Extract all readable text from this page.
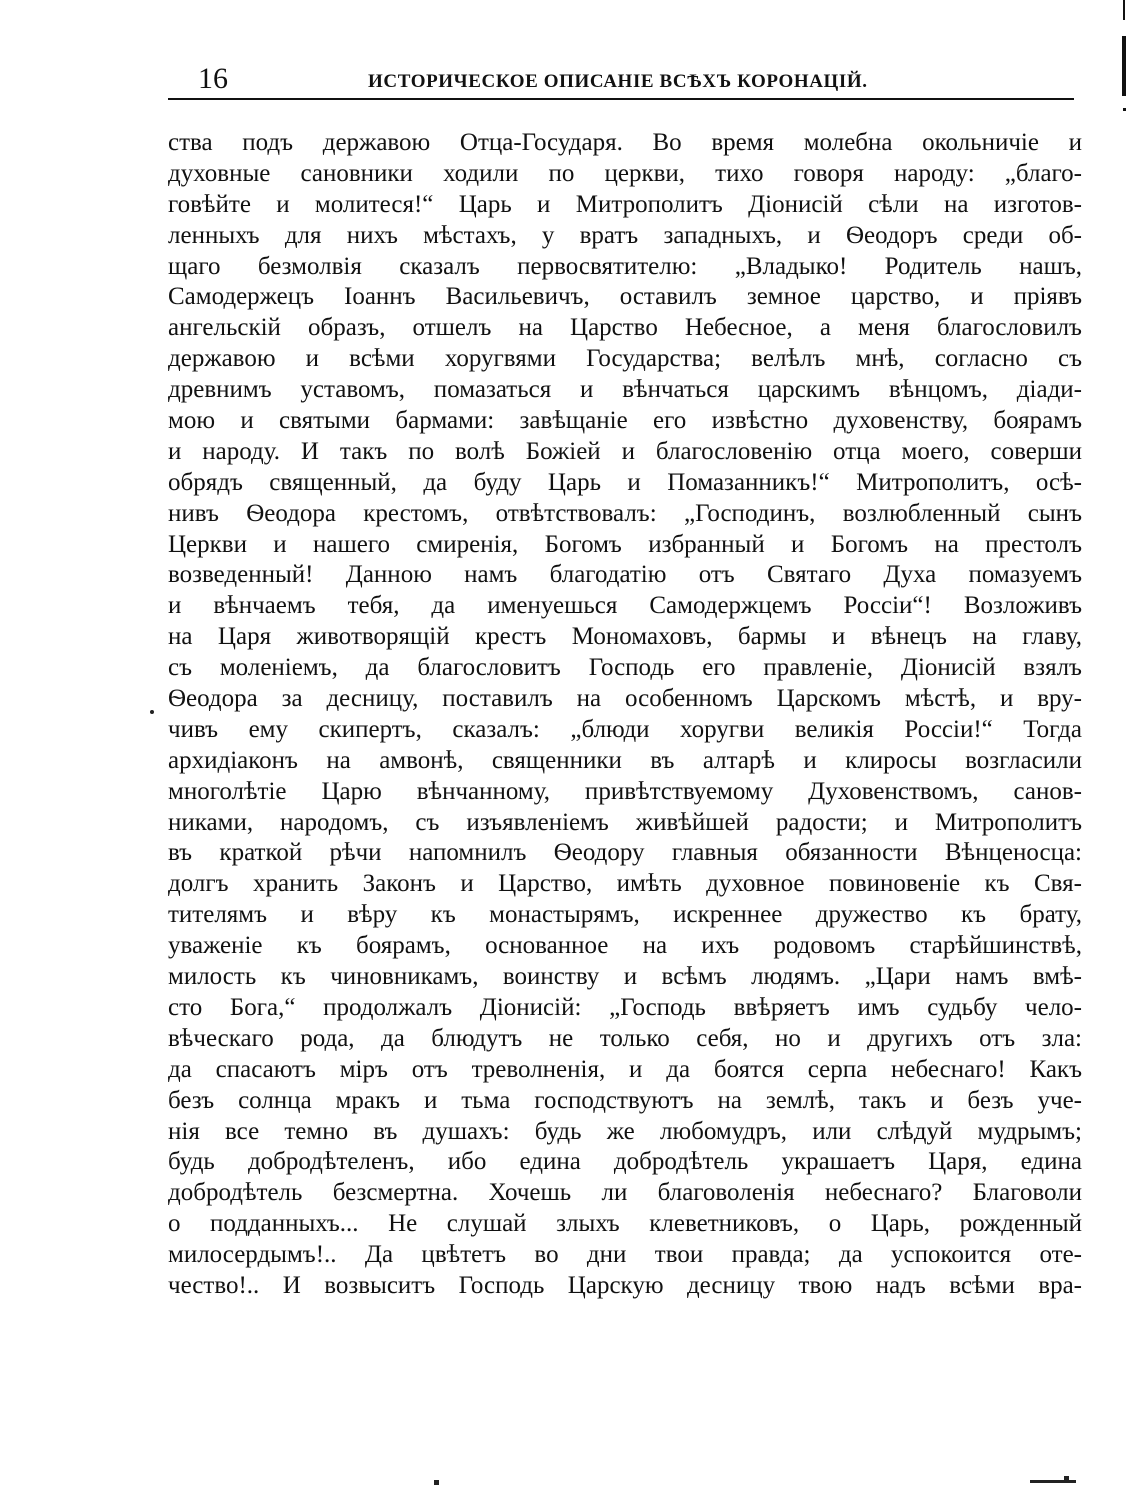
16	ИСТОРИЧЕСКОЕ ОПИСАНІЕ ВСѢХЪ КОРОНАЦІЙ.
ства подъ державою Отца-Государя. Во время молебна окольничіе и
духовные сановники ходили по церкви, тихо говоря народу: „благо-
говѣйте и молитеся!“ Царь и Митрополитъ Діонисій сѣли на изготов-
ленныхъ для нихъ мѣстахъ, у вратъ западныхъ, и Ѳеодоръ среди об-
щаго безмолвія сказалъ первосвятителю: „Владыко! Родитель нашъ,
Самодержецъ Іоаннъ Васильевичъ, оставилъ земное царство, и пріявъ
ангельскій образъ, отшелъ на Царство Небесное, а меня благословилъ
державою и всѣми хоругвями Государства; велѣлъ мнѣ, согласно съ
древнимъ уставомъ, помазаться и вѣнчаться царскимъ вѣнцомъ, діади-
мою и святыми бармами: завѣщаніе его извѣстно духовенству, боярамъ
и народу. И такъ по волѣ Божіей и благословенію отца моего, соверши
обрядъ священный, да буду Царь и Помазанникъ!“ Митрополитъ, осѣ-
нивъ Ѳеодора крестомъ, отвѣтствовалъ: „Господинъ, возлюбленный сынъ
Церкви и нашего смиренія, Богомъ избранный и Богомъ на престолъ
возведенный! Данною намъ благодатію отъ Святаго Духа помазуемъ
и вѣнчаемъ тебя, да именуешься Самодержцемъ Россіи“! Возложивъ
на Царя животворящій крестъ Мономаховъ, бармы и вѣнецъ на главу,
съ моленіемъ, да благословитъ Господь его правленіе, Діонисій взялъ
Ѳеодора за десницу, поставилъ на особенномъ Царскомъ мѣстѣ, и вру-
чивъ ему скипертъ, сказалъ: „блюди хоругви великія Россіи!“ Тогда
архидіаконъ на амвонѣ, священники въ алтарѣ и клиросы возгласили
многолѣтіе Царю вѣнчанному, привѣтствуемому Духовенствомъ, санов-
никами, народомъ, съ изъявленіемъ живѣйшей радости; и Митрополитъ
въ краткой рѣчи напомнилъ Ѳеодору главныя обязанности Вѣнценосца:
долгъ хранить Законъ и Царство, имѣть духовное повиновеніе къ Свя-
тителямъ и вѣру къ монастырямъ, искреннее дружество къ брату,
уваженіе къ боярамъ, основанное на ихъ родовомъ старѣйшинствѣ,
милость къ чиновникамъ, воинству и всѣмъ людямъ. „Цари намъ вмѣ-
сто Бога,“ продолжалъ Діонисій: „Господь ввѣряетъ имъ судьбу чело-
вѣческаго рода, да блюдутъ не только себя, но и другихъ отъ зла:
да спасаютъ міръ отъ треволненія, и да боятся серпа небеснаго! Какъ
безъ солнца мракъ и тьма господствуютъ на землѣ, такъ и безъ уче-
нія все темно въ душахъ: будь же любомудръ, или слѣдуй мудрымъ;
будь добродѣтеленъ, ибо едина добродѣтель украшаетъ Царя, едина
добродѣтель безсмертна. Хочешь ли благоволенія небеснаго? Благоволи
о подданныхъ... Не слушай злыхъ клеветниковъ, о Царь, рожденный
милосердымъ!.. Да цвѣтетъ во дни твои правда; да успокоится оте-
чество!.. И возвыситъ Господь Царскую десницу твою надъ всѣми вра-
